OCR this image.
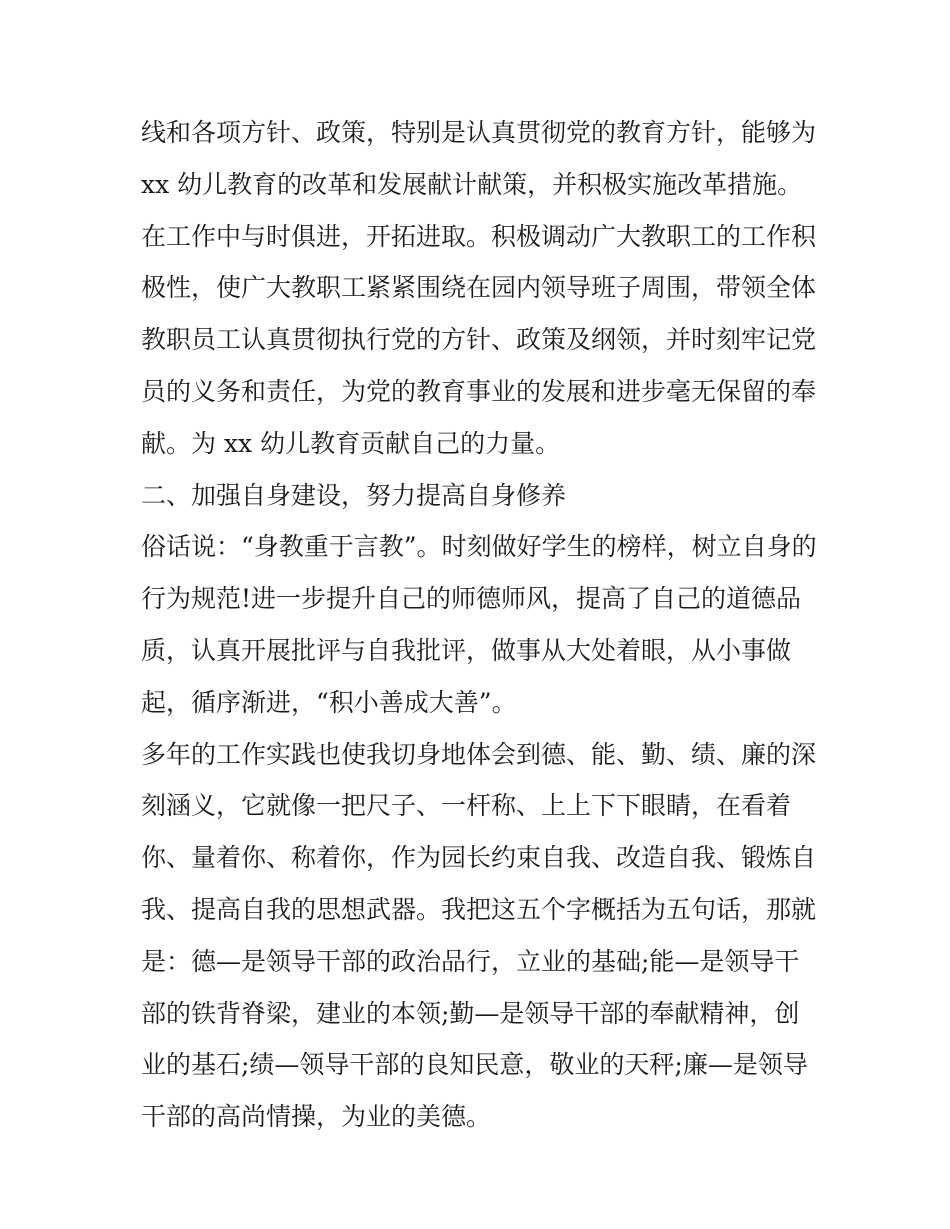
线和各项方针、政策，特别是认真贯彻党的教育方针，能够为
xx 幼儿教育的改革和发展献计献策，并积极实施改革措施。
在工作中与时俱进，开拓进取。积极调动广大教职工的工作积
极性，使广大教职工紧紧围绕在园内领导班子周围，带领全体
教职员工认真贯彻执行党的方针、政策及纲领，并时刻牢记党
员的义务和责任，为党的教育事业的发展和进步毫无保留的奉
献。为 xx 幼儿教育贡献自己的力量。
二、加强自身建设，努力提高自身修养
俗话说：“身教重于言教”。时刻做好学生的榜样，树立自身的
行为规范!进一步提升自己的师德师风，提高了自己的道德品
质，认真开展批评与自我批评，做事从大处着眼，从小事做
起，循序渐进，“积小善成大善”。
多年的工作实践也使我切身地体会到德、能、勤、绩、廉的深
刻涵义，它就像一把尺子、一杆称、上上下下眼睛，在看着
你、量着你、称着你，作为园长约束自我、改造自我、锻炼自
我、提高自我的思想武器。我把这五个字概括为五句话，那就
是：德—是领导干部的政治品行，立业的基础;能—是领导干
部的铁背脊梁，建业的本领;勤—是领导干部的奉献精神，创
业的基石;绩—领导干部的良知民意，敬业的天秤;廉—是领导
干部的高尚情操，为业的美德。
